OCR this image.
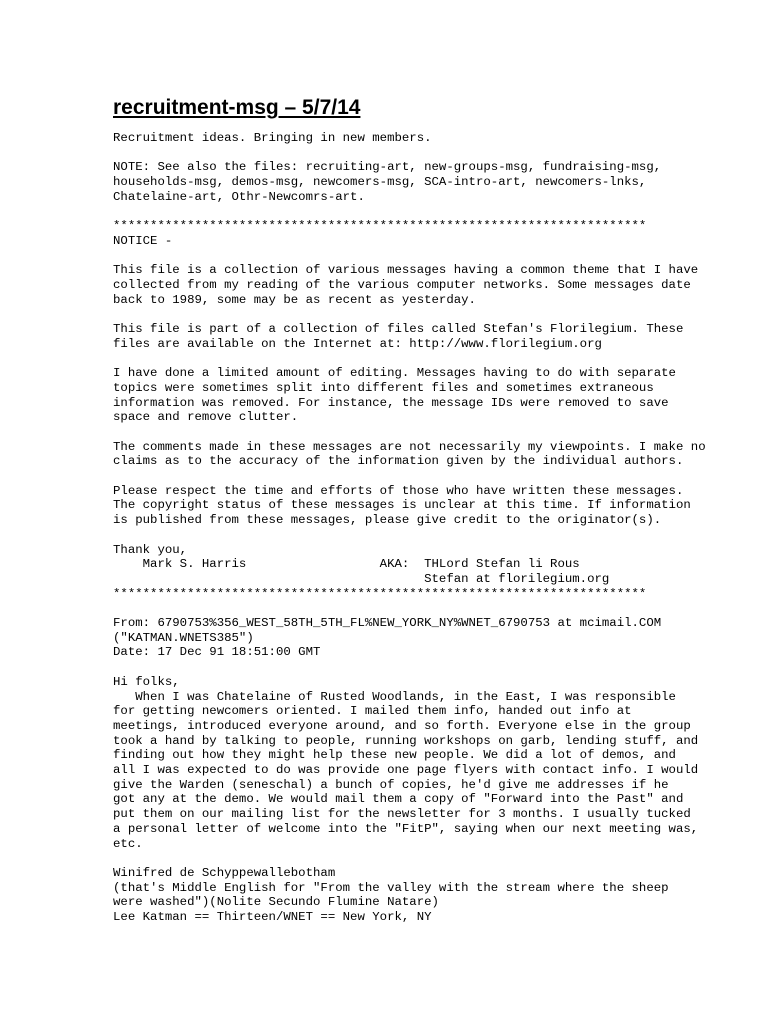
recruitment-msg – 5/7/14

Recruitment ideas. Bringing in new members.

NOTE: See also the files: recruiting-art, new-groups-msg, fundraising-msg,
households-msg, demos-msg, newcomers-msg, SCA-intro-art, newcomers-lnks,
Chatelaine-art, Othr-Newcomrs-art.

************************************************************************

NOTICE -

This file is a collection of various messages having a common theme that I have
collected from my reading of the various computer networks. Some messages date
back to 1989, some may be as recent as yesterday.

This file is part of a collection of files called Stefan's Florilegium. These
files are available on the Internet at: http://www.florilegium.org

I have done a limited amount of editing. Messages having to do with separate
topics were sometimes split into different files and sometimes extraneous
information was removed. For instance, the message IDs were removed to save
space and remove clutter.

The comments made in these messages are not necessarily my viewpoints. I make no
claims as to the accuracy of the information given by the individual authors.

Please respect the time and efforts of those who have written these messages.
The copyright status of these messages is unclear at this time. If information
is published from these messages, please give credit to the originator(s).

Thank you,
Mark S. Harris                  AKA:  THLord Stefan li Rous
Stefan at florilegium.org

************************************************************************

From: 6790753%356_WEST_58TH_5TH_FL%NEW_YORK_NY%WNET_6790753 at mcimail.COM
("KATMAN.WNETS385")
Date: 17 Dec 91 18:51:00 GMT

Hi folks,
When I was Chatelaine of Rusted Woodlands, in the East, I was responsible
for getting newcomers oriented. I mailed them info, handed out info at
meetings, introduced everyone around, and so forth. Everyone else in the group
took a hand by talking to people, running workshops on garb, lending stuff, and
finding out how they might help these new people. We did a lot of demos, and
all I was expected to do was provide one page flyers with contact info. I would
give the Warden (seneschal) a bunch of copies, he'd give me addresses if he
got any at the demo. We would mail them a copy of "Forward into the Past" and
put them on our mailing list for the newsletter for 3 months. I usually tucked
a personal letter of welcome into the "FitP", saying when our next meeting was,
etc.

Winifred de Schyppewallebotham
(that's Middle English for "From the valley with the stream where the sheep
were washed")(Nolite Secundo Flumine Natare)
Lee Katman == Thirteen/WNET == New York, NY
